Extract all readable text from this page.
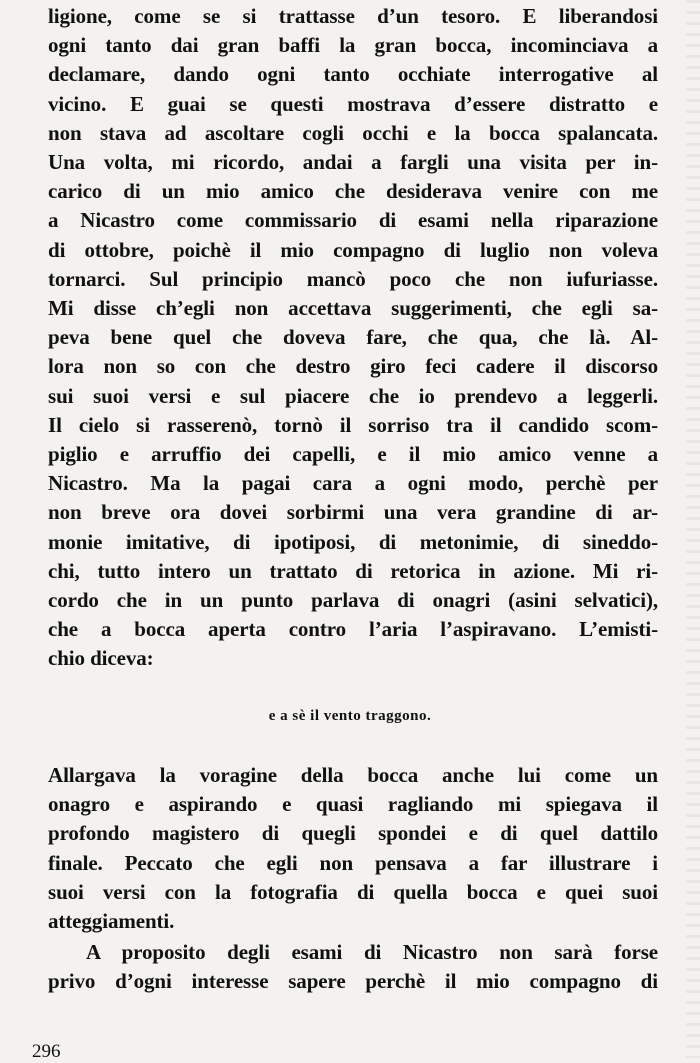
ligione, come se si trattasse d’un tesoro. E liberandosi
ogni tanto dai gran baffi la gran bocca, incominciava a
declamare, dando ogni tanto occhiate interrogative al
vicino. E guai se questi mostrava d’essere distratto e
non stava ad ascoltare cogli occhi e la bocca spalancata.
Una volta, mi ricordo, andai a fargli una visita per in-
carico di un mio amico che desiderava venire con me
a Nicastro come commissario di esami nella riparazione
di ottobre, poichè il mio compagno di luglio non voleva
tornarci. Sul principio mancò poco che non iufuriasse.
Mi disse ch’egli non accettava suggerimenti, che egli sa-
peva bene quel che doveva fare, che qua, che là. Al-
lora non so con che destro giro feci cadere il discorso
sui suoi versi e sul piacere che io prendevo a leggerli.
Il cielo si rasserenò, tornò il sorriso tra il candido scom-
piglio e arruffio dei capelli, e il mio amico venne a
Nicastro. Ma la pagai cara a ogni modo, perchè per
non breve ora dovei sorbirmi una vera grandine di ar-
monie imitative, di ipotiposi, di metonimie, di sineddo-
chi, tutto intero un trattato di retorica in azione. Mi ri-
cordo che in un punto parlava di onagri (asini selvatici),
che a bocca aperta contro l’aria l’aspiravano. L’emisti-
chio diceva:
e a sè il vento traggono.
Allargava la voragine della bocca anche lui come un
onagro e aspirando e quasi ragliando mi spiegava il
profondo magistero di quegli spondei e di quel dattilo
finale. Peccato che egli non pensava a far illustrare i
suoi versi con la fotografia di quella bocca e quei suoi
atteggiamenti.
A proposito degli esami di Nicastro non sarà forse
privo d’ogni interesse sapere perchè il mio compagno di
296
